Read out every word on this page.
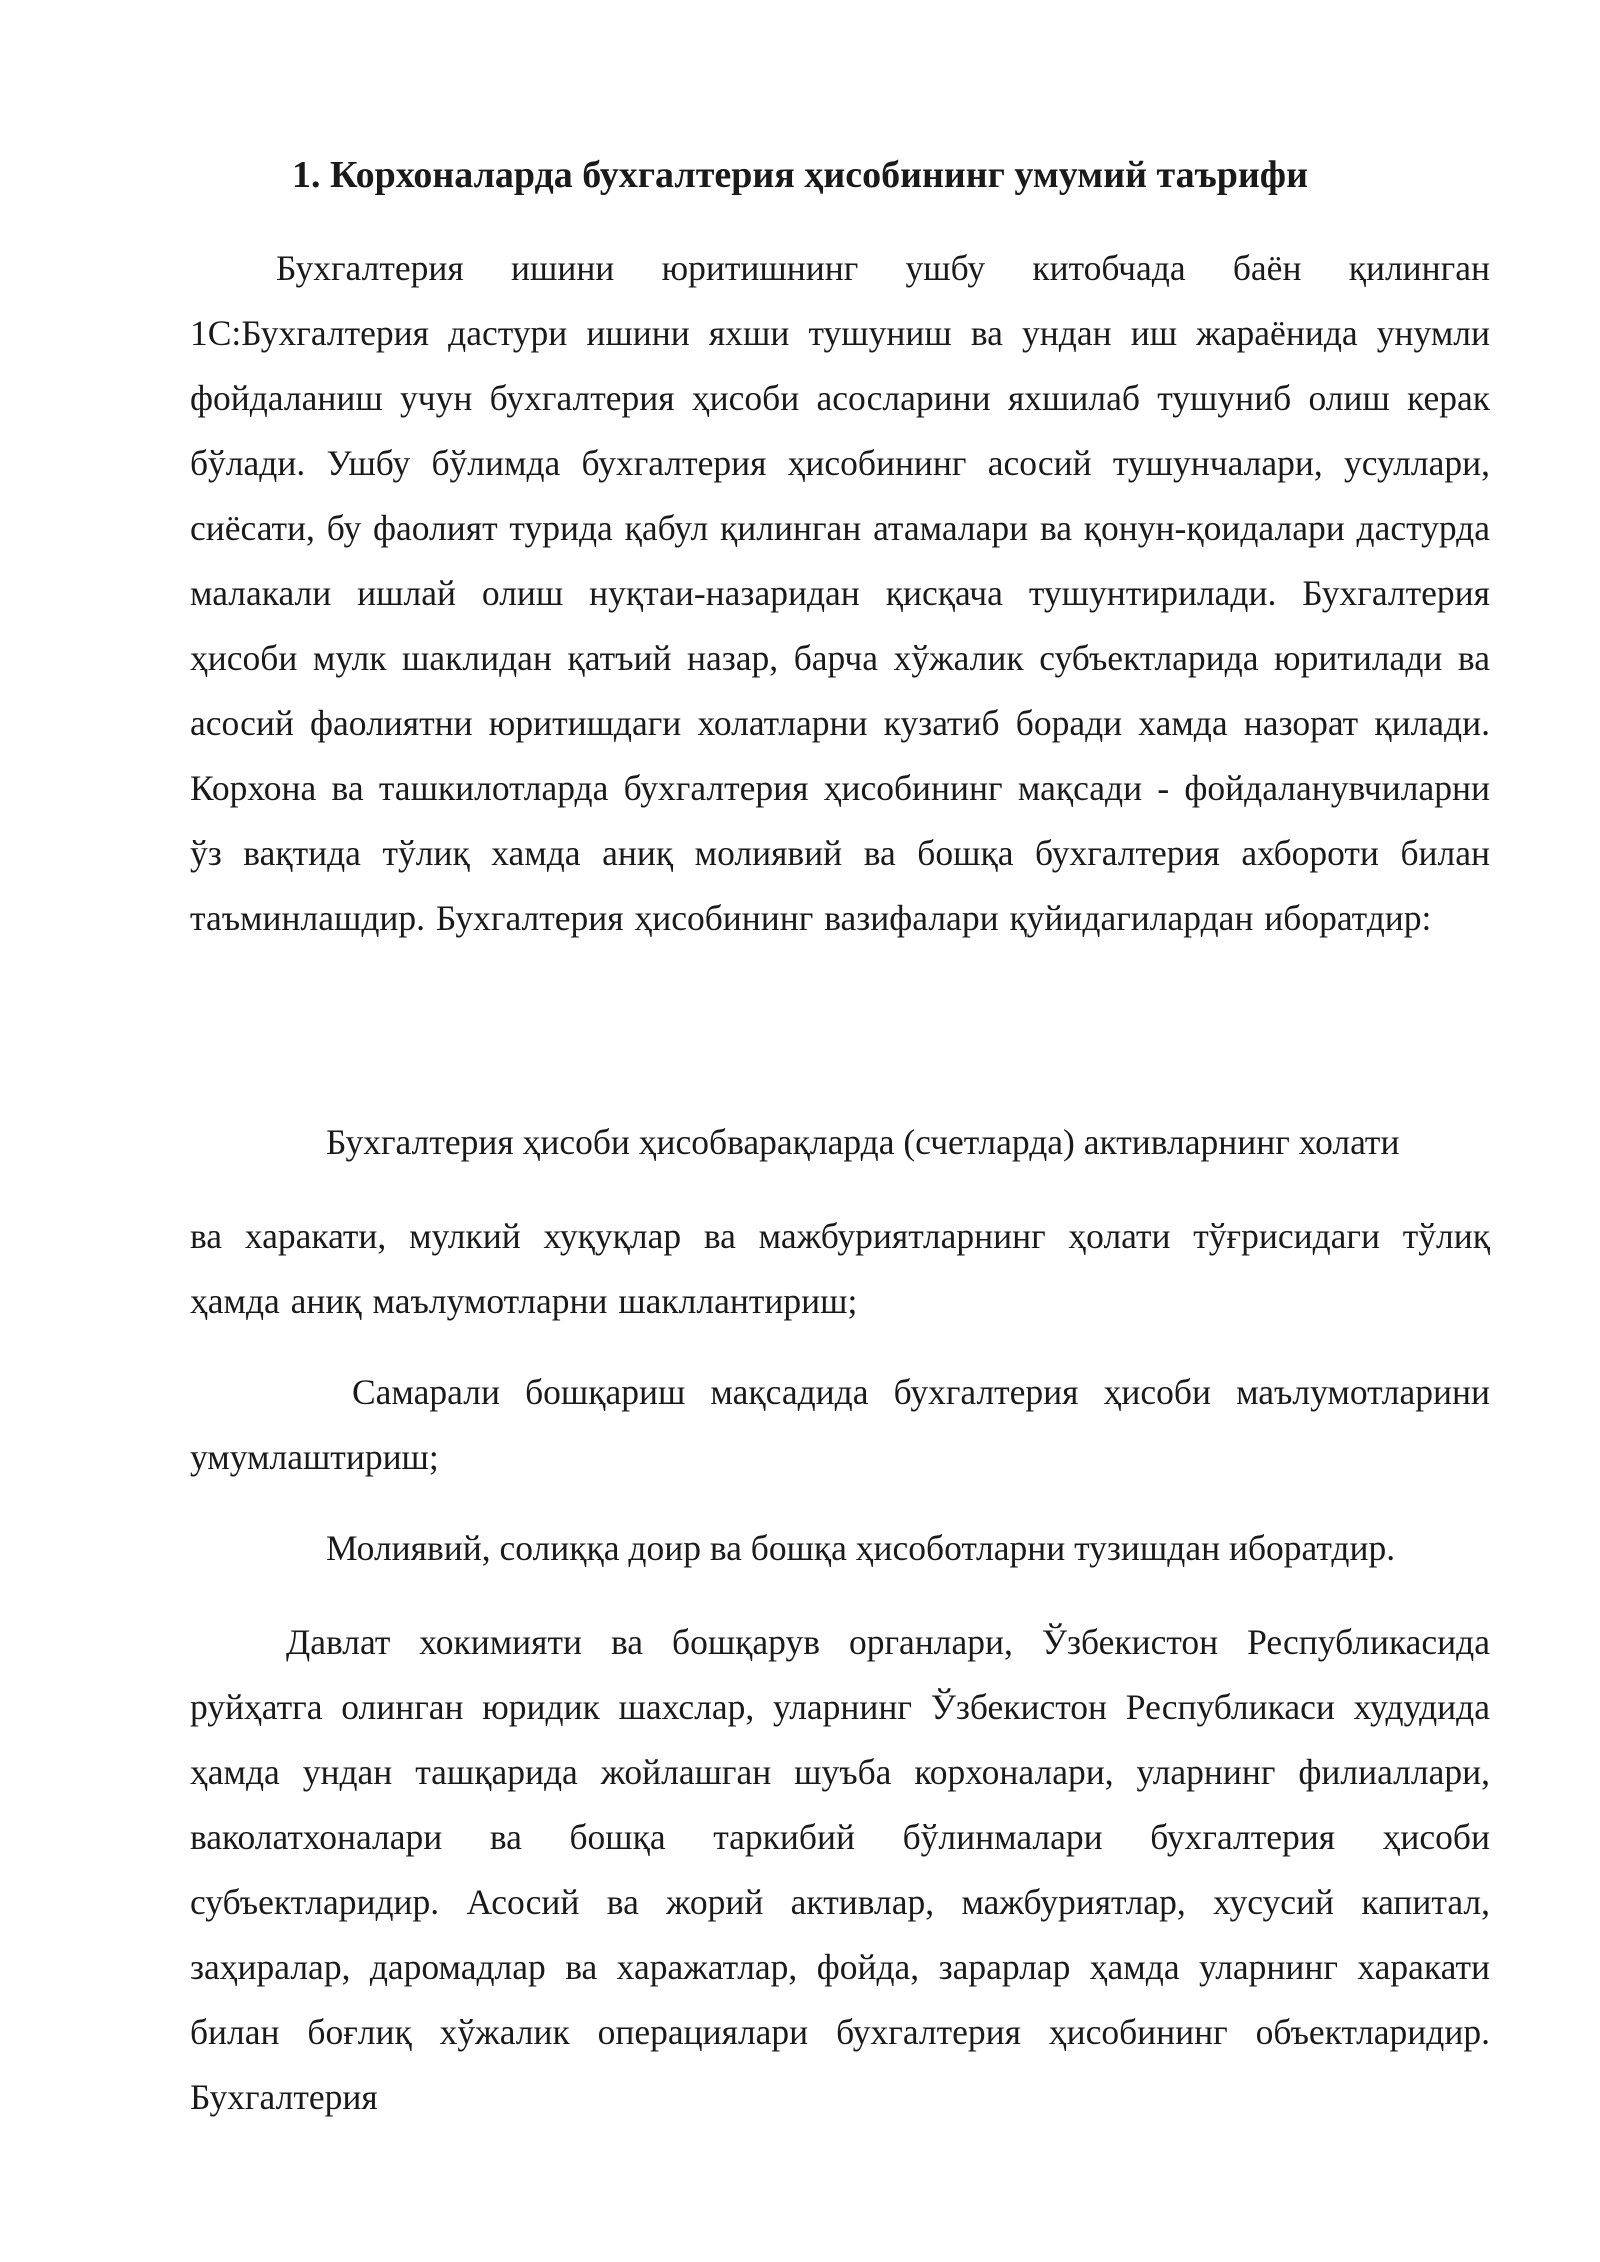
1. Корхоналарда бухгалтерия ҳисобининг умумий таърифи

Бухгалтерия ишини юритишнинг ушбу китобчада баён қилинган 1С:Бухгалтерия дастури ишини яхши тушуниш ва ундан иш жараёнида унумли фойдаланиш учун бухгалтерия ҳисоби асосларини яхшилаб тушуниб олиш керак бўлади. Ушбу бўлимда бухгалтерия ҳисобининг асосий тушунчалари, усуллари, сиёсати, бу фаолият турида қабул қилинган атамалари ва қонун-қоидалари дастурда малакали ишлай олиш нуқтаи-назаридан қисқача тушунтирилади. Бухгалтерия ҳисоби мулк шаклидан қатъий назар, барча хўжалик субъектларида юритилади ва асосий фаолиятни юритишдаги холатларни кузатиб боради хамда назорат қилади. Корхона ва ташкилотларда бухгалтерия ҳисобининг мақсади - фойдаланувчиларни ўз вақтида тўлиқ хамда аниқ молиявий ва бошқа бухгалтерия ахбороти билан таъминлашдир. Бухгалтерия ҳисобининг вазифалари қуйидагилардан иборатдир:

Бухгалтерия ҳисоби ҳисобварақларда (счетларда) активларнинг холати

ва харакати, мулкий хуқуқлар ва мажбуриятларнинг ҳолати тўғрисидаги тўлиқ ҳамда аниқ маълумотларни шакллантириш;

Самарали бошқариш мақсадида бухгалтерия ҳисоби маълумотларини умумлаштириш;

Молиявий, солиққа доир ва бошқа ҳисоботларни тузишдан иборатдир.

Давлат хокимияти ва бошқарув органлари, Ўзбекистон Республикасида руйҳатга олинган юридик шахслар, уларнинг Ўзбекистон Республикаси худудида ҳамда ундан ташқарида жойлашган шуъба корхоналари, уларнинг филиаллари, ваколатхоналари ва бошқа таркибий бўлинмалари бухгалтерия ҳисоби субъектларидир. Асосий ва жорий активлар, мажбуриятлар, хусусий капитал, заҳиралар, даромадлар ва харажатлар, фойда, зарарлар ҳамда уларнинг харакати билан боғлиқ хўжалик операциялари бухгалтерия ҳисобининг объектларидир. Бухгалтерия
